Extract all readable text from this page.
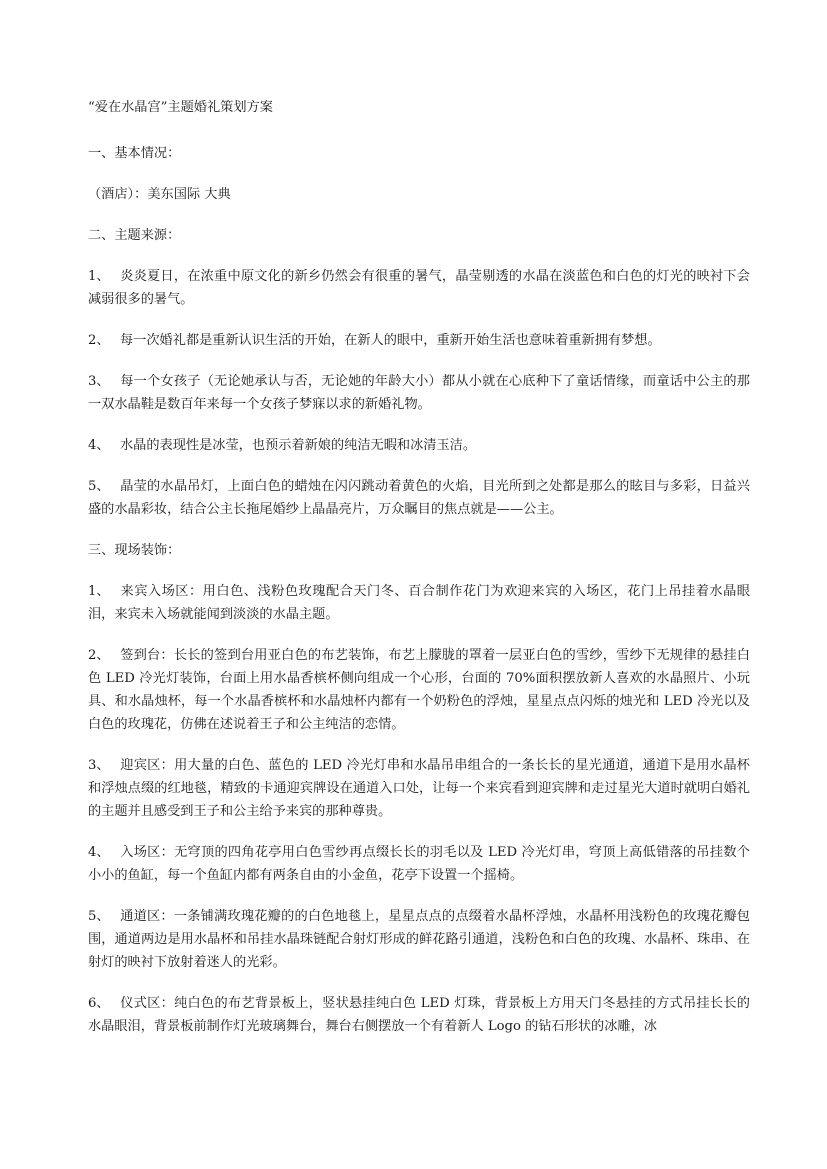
“爱在水晶宫”主题婚礼策划方案

一、基本情况：

（酒店）：美东国际 大典

二、主题来源：

1、 炎炎夏日，在浓重中原文化的新乡仍然会有很重的暑气，晶莹剔透的水晶在淡蓝色和白色的灯光的映衬下会减弱很多的暑气。

2、 每一次婚礼都是重新认识生活的开始，在新人的眼中，重新开始生活也意味着重新拥有梦想。

3、 每一个女孩子（无论她承认与否，无论她的年龄大小）都从小就在心底种下了童话情缘，而童话中公主的那一双水晶鞋是数百年来每一个女孩子梦寐以求的新婚礼物。

4、 水晶的表现性是冰莹，也预示着新娘的纯洁无暇和冰清玉洁。

5、 晶莹的水晶吊灯，上面白色的蜡烛在闪闪跳动着黄色的火焰，目光所到之处都是那么的眩目与多彩，日益兴盛的水晶彩妆，结合公主长拖尾婚纱上晶晶亮片，万众瞩目的焦点就是——公主。

三、现场装饰：

1、 来宾入场区：用白色、浅粉色玫瑰配合天门冬、百合制作花门为欢迎来宾的入场区，花门上吊挂着水晶眼泪，来宾未入场就能闻到淡淡的水晶主题。

2、 签到台：长长的签到台用亚白色的布艺装饰，布艺上朦胧的罩着一层亚白色的雪纱，雪纱下无规律的悬挂白色 LED 冷光灯装饰，台面上用水晶香槟杯侧向组成一个心形，台面的 70%面积摆放新人喜欢的水晶照片、小玩具、和水晶烛杯，每一个水晶香槟杯和水晶烛杯内都有一个奶粉色的浮烛，星星点点闪烁的烛光和 LED 冷光以及白色的玫瑰花，仿佛在述说着王子和公主纯洁的恋情。

3、 迎宾区：用大量的白色、蓝色的 LED 冷光灯串和水晶吊串组合的一条长长的星光通道，通道下是用水晶杯和浮烛点缀的红地毯，精致的卡通迎宾牌设在通道入口处，让每一个来宾看到迎宾牌和走过星光大道时就明白婚礼的主题并且感受到王子和公主给予来宾的那种尊贵。

4、 入场区：无穹顶的四角花亭用白色雪纱再点缀长长的羽毛以及 LED 冷光灯串，穹顶上高低错落的吊挂数个小小的鱼缸，每一个鱼缸内都有两条自由的小金鱼，花亭下设置一个摇椅。

5、 通道区：一条铺满玫瑰花瓣的的白色地毯上，星星点点的点缀着水晶杯浮烛，水晶杯用浅粉色的玫瑰花瓣包围，通道两边是用水晶杯和吊挂水晶珠链配合射灯形成的鲜花路引通道，浅粉色和白色的玫瑰、水晶杯、珠串、在射灯的映衬下放射着迷人的光彩。

6、 仪式区：纯白色的布艺背景板上，竖状悬挂纯白色 LED 灯珠，背景板上方用天门冬悬挂的方式吊挂长长的水晶眼泪，背景板前制作灯光玻璃舞台，舞台右侧摆放一个有着新人 Logo 的钻石形状的冰雕，冰
